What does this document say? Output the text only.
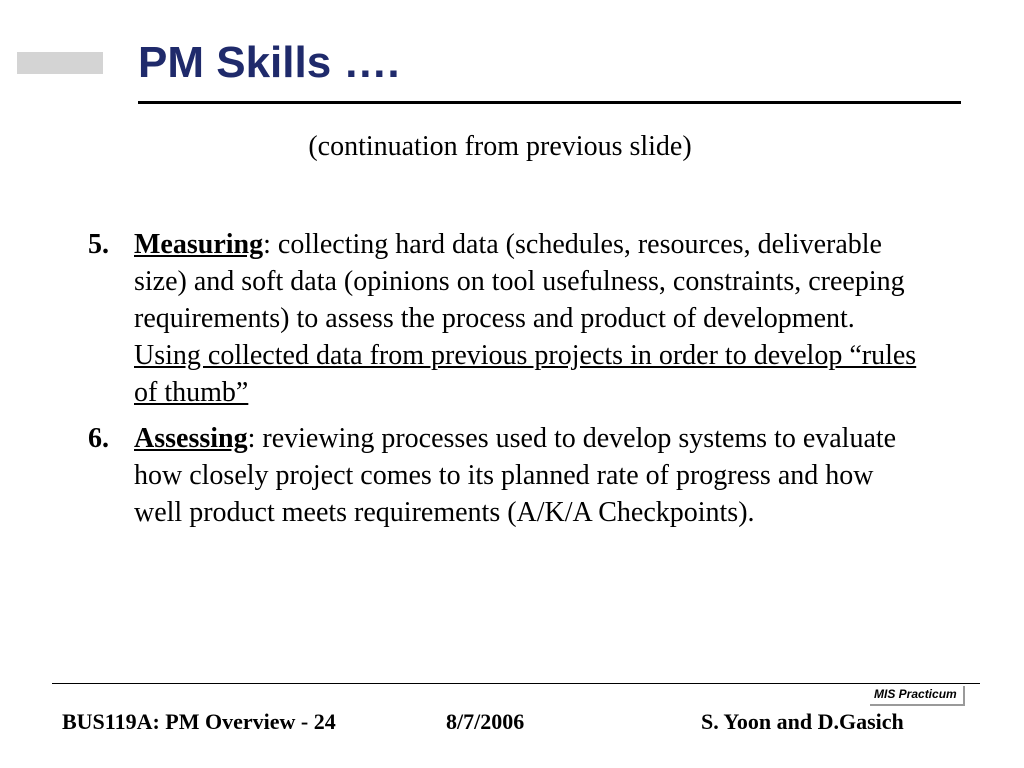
PM Skills ….
(continuation from previous slide)
5. Measuring: collecting hard data (schedules, resources, deliverable size) and soft data (opinions on tool usefulness, constraints, creeping requirements) to assess the process and product of development. Using collected data from previous projects in order to develop “rules of thumb”
6. Assessing: reviewing processes used to develop systems to evaluate how closely project comes to its planned rate of progress and how well product meets requirements (A/K/A Checkpoints).
MIS Practicum
BUS119A: PM Overview - 24	8/7/2006	S. Yoon and D.Gasich
